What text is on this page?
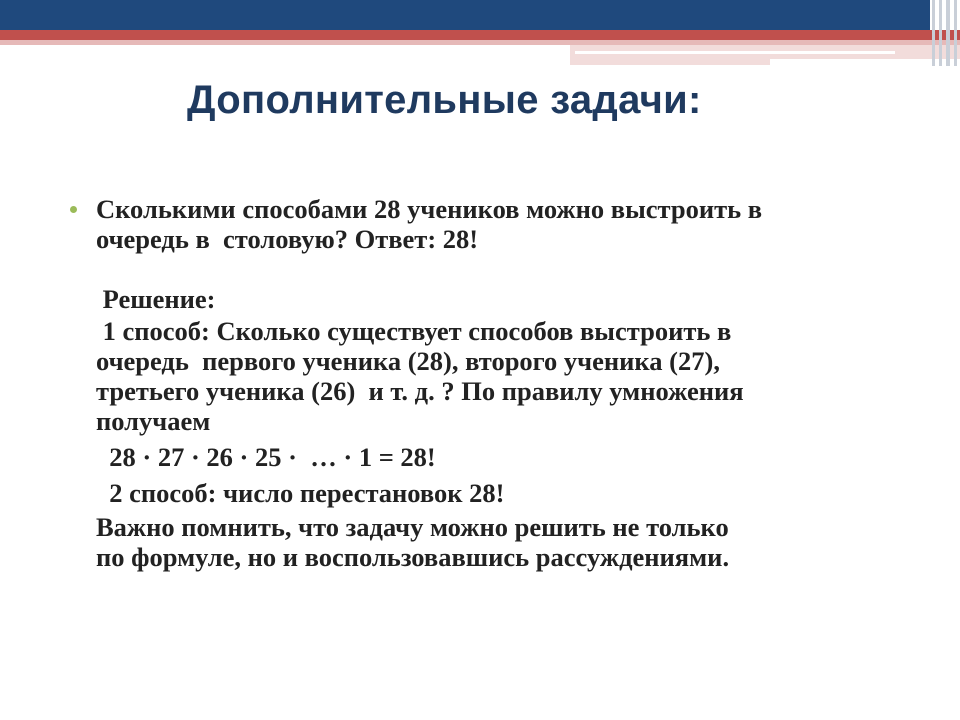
Дополнительные задачи:
Сколькими способами 28 учеников можно выстроить в
очередь в  столовую? Ответ: 28!
Решение:
1 способ: Сколько существует способов выстроить в
очередь  первого ученика (28), второго ученика (27),
третьего ученика (26)  и т. д. ? По правилу умножения
получаем
28 · 27 · 26 · 25 ·  … · 1 = 28!
2 способ: число перестановок 28!
Важно помнить, что задачу можно решить не только
по формуле, но и воспользовавшись рассуждениями.
